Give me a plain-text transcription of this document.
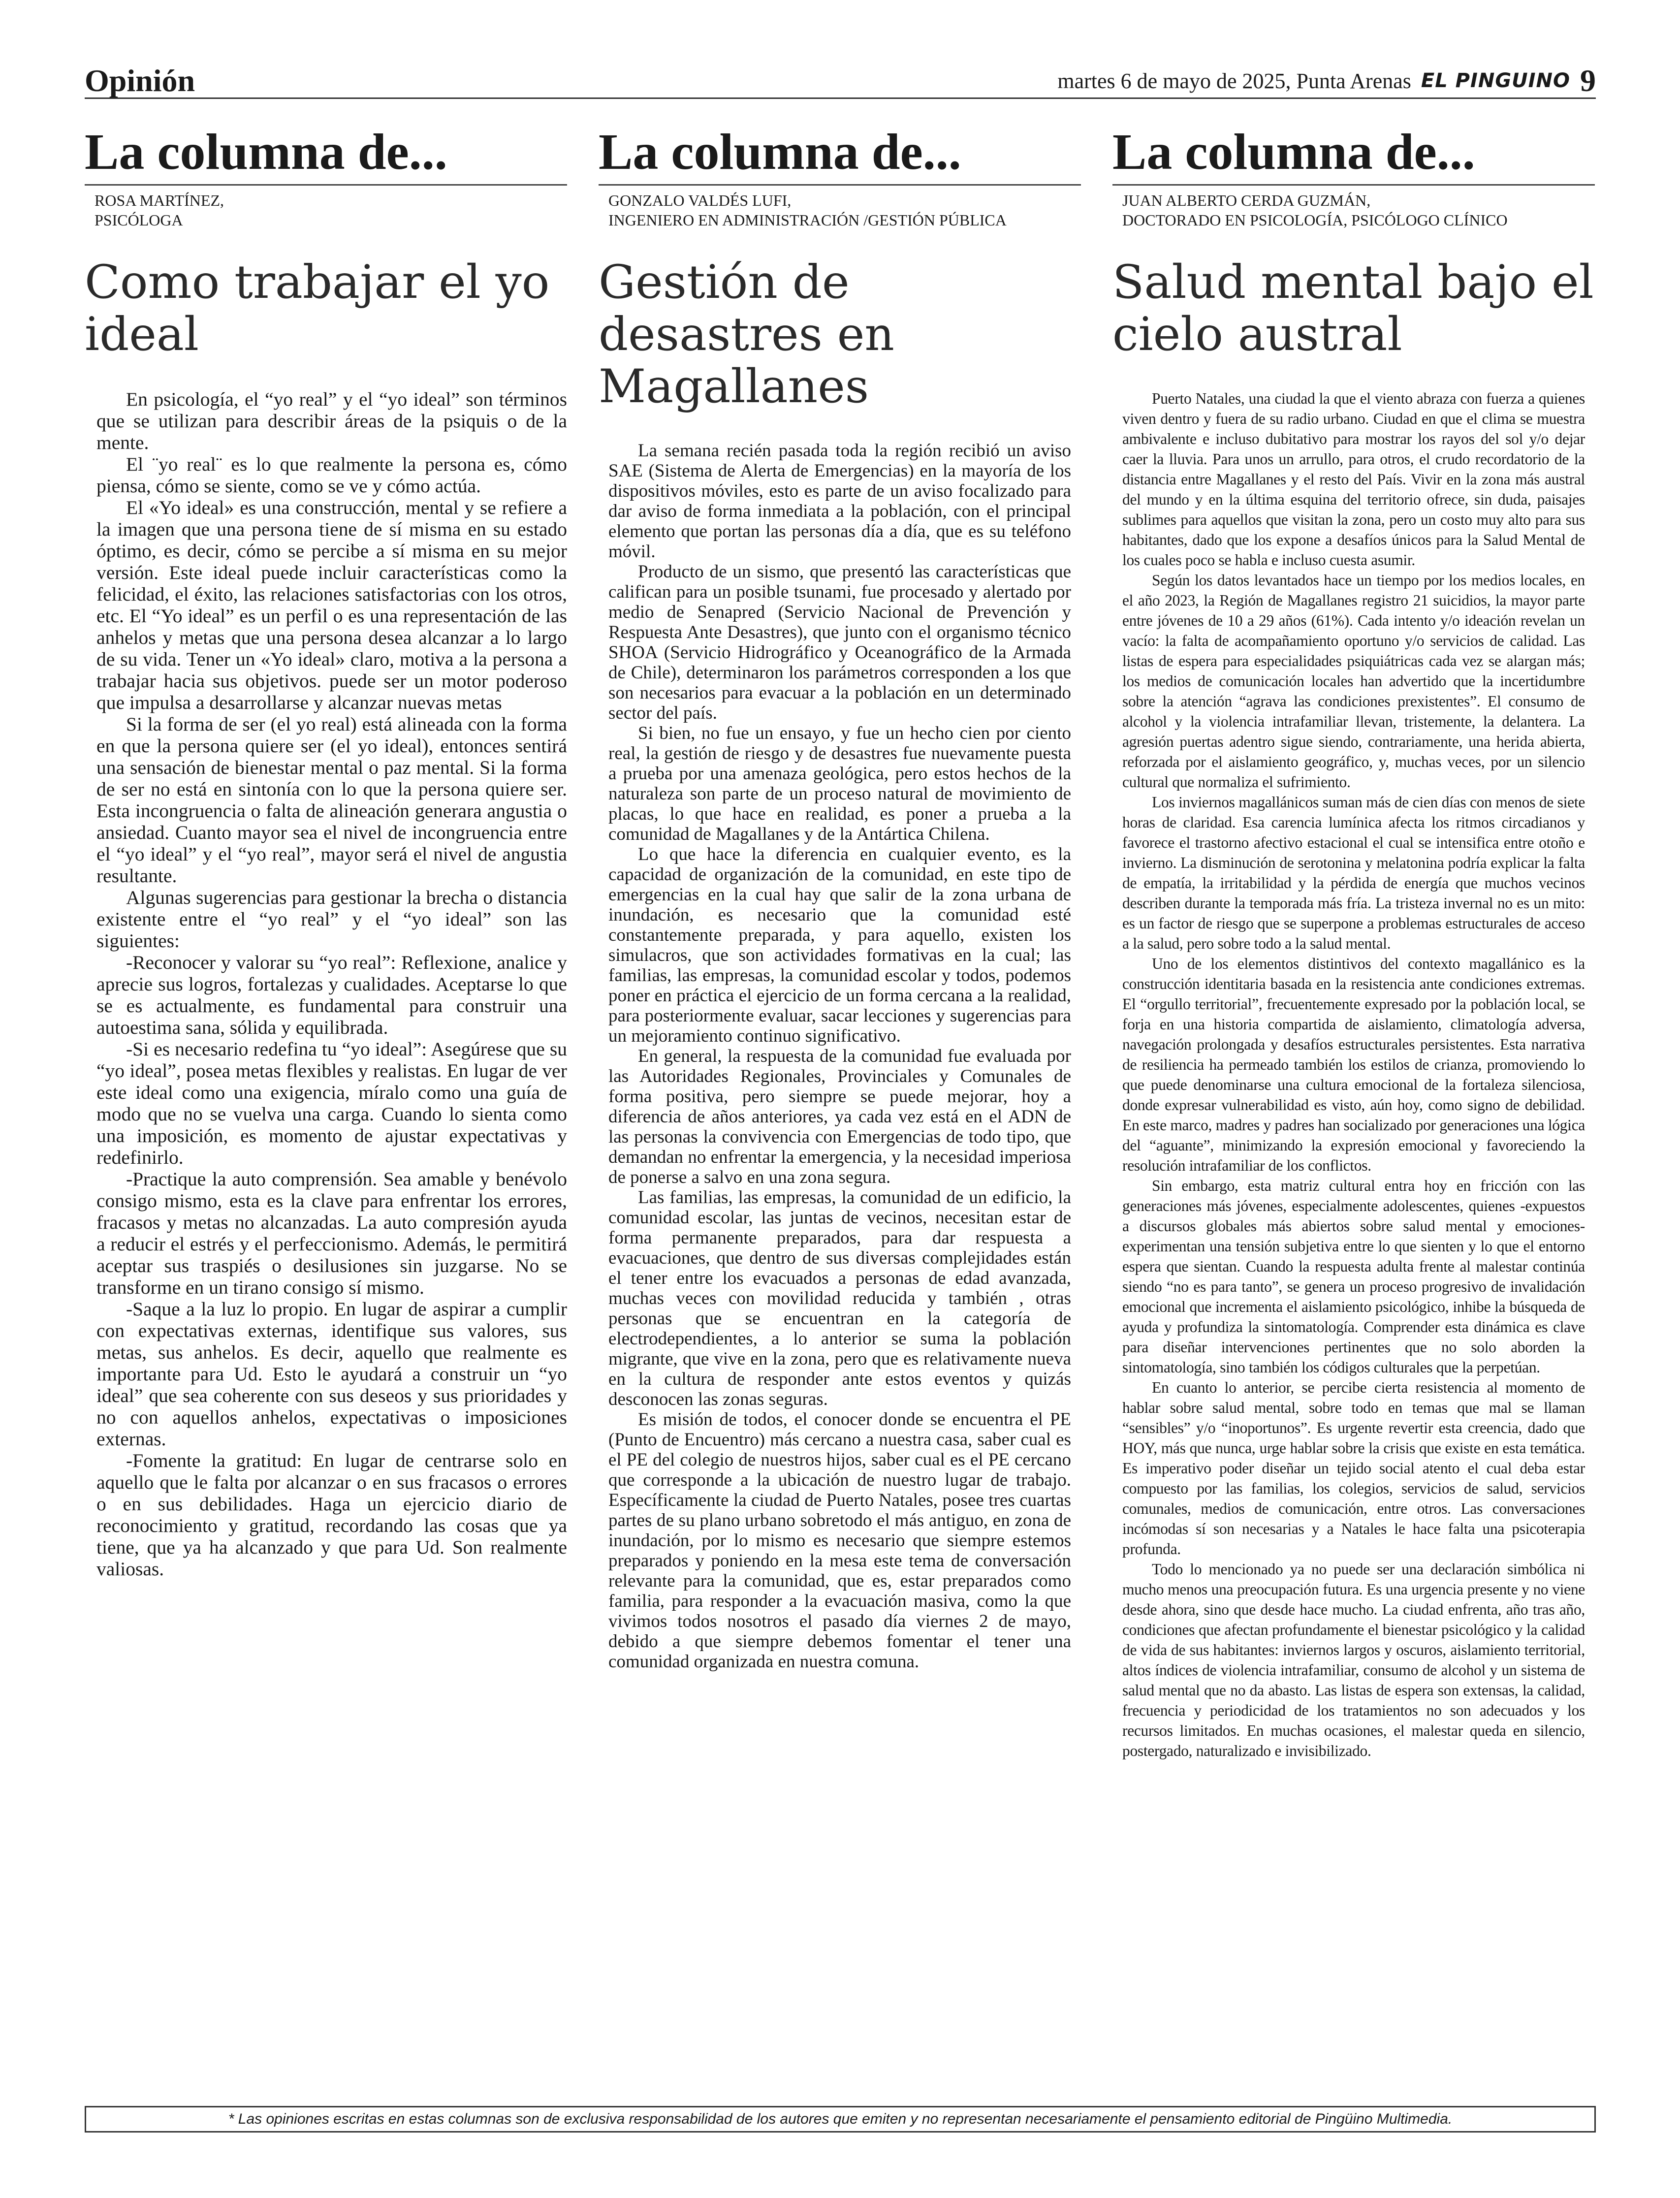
Opinión	martes 6 de mayo de 2025, Punta Arenas EL PINGUINO 9
La columna de...
ROSA MARTÍNEZ,
PSICÓLOGA
Como trabajar el yo ideal

En psicología, el “yo real” y el “yo ideal” son términos que se utilizan para describir áreas de la psiquis o de la mente.

El ¨yo real¨ es lo que realmente la persona es, cómo piensa, cómo se siente, como se ve y cómo actúa.

El «Yo ideal» es una construcción, mental y se refiere a la imagen que una persona tiene de sí misma en su estado óptimo, es decir, cómo se percibe a sí misma en su mejor versión. Este ideal puede incluir características como la felicidad, el éxito, las relaciones satisfactorias con los otros, etc. El “Yo ideal” es un perfil o es una representación de las anhelos y metas que una persona desea alcanzar a lo largo de su vida. Tener un «Yo ideal» claro, motiva a la persona a trabajar hacia sus objetivos. puede ser un motor poderoso que impulsa a desarrollarse y alcanzar nuevas metas

Si la forma de ser (el yo real) está alineada con la forma en que la persona quiere ser (el yo ideal), entonces sentirá una sensación de bienestar mental o paz mental. Si la forma de ser no está en sintonía con lo que la persona quiere ser. Esta incongruencia o falta de alineación generara angustia o ansiedad. Cuanto mayor sea el nivel de incongruencia entre el “yo ideal” y el “yo real”, mayor será el nivel de angustia resultante.

Algunas sugerencias para gestionar la brecha o distancia existente entre el “yo real” y el “yo ideal” son las siguientes:

-Reconocer y valorar su “yo real”: Reflexione, analice y aprecie sus logros, fortalezas y cualidades. Aceptarse lo que se es actualmente, es fundamental para construir una autoestima sana, sólida y equilibrada.

-Si es necesario redefina tu “yo ideal”: Asegúrese que su “yo ideal”, posea metas flexibles y realistas. En lugar de ver este ideal como una exigencia, míralo como una guía de modo que no se vuelva una carga. Cuando lo sienta como una imposición, es momento de ajustar expectativas y redefinirlo.

-Practique la auto comprensión. Sea amable y benévolo consigo mismo, esta es la clave para enfrentar los errores, fracasos y metas no alcanzadas. La auto compresión ayuda a reducir el estrés y el perfeccionismo. Además, le permitirá aceptar sus traspiés o desilusiones sin juzgarse. No se transforme en un tirano consigo sí mismo.

-Saque a la luz lo propio. En lugar de aspirar a cumplir con expectativas externas, identifique sus valores, sus metas, sus anhelos. Es decir, aquello que realmente es importante para Ud. Esto le ayudará a construir un “yo ideal” que sea coherente con sus deseos y sus prioridades y no con aquellos anhelos, expectativas o imposiciones externas.

-Fomente la gratitud: En lugar de centrarse solo en aquello que le falta por alcanzar o en sus fracasos o errores o en sus debilidades. Haga un ejercicio diario de reconocimiento y gratitud, recordando las cosas que ya tiene, que ya ha alcanzado y que para Ud. Son realmente valiosas.

La columna de...
GONZALO VALDÉS LUFI,
INGENIERO EN ADMINISTRACIÓN /GESTIÓN PÚBLICA
Gestión de desastres en Magallanes

La semana recién pasada toda la región recibió un aviso SAE (Sistema de Alerta de Emergencias) en la mayoría de los dispositivos móviles, esto es parte de un aviso focalizado para dar aviso de forma inmediata a la población, con el principal elemento que portan las personas día a día, que es su teléfono móvil.

Producto de un sismo, que presentó las características que califican para un posible tsunami, fue procesado y alertado por medio de Senapred (Servicio Nacional de Prevención y Respuesta Ante Desastres), que junto con el organismo técnico SHOA (Servicio Hidrográfico y Oceanográfico de la Armada de Chile), determinaron los parámetros corresponden a los que son necesarios para evacuar a la población en un determinado sector del país.

Si bien, no fue un ensayo, y fue un hecho cien por ciento real, la gestión de riesgo y de desastres fue nuevamente puesta a prueba por una amenaza geológica, pero estos hechos de la naturaleza son parte de un proceso natural de movimiento de placas, lo que hace en realidad, es poner a prueba a la comunidad de Magallanes y de la Antártica Chilena.

Lo que hace la diferencia en cualquier evento, es la capacidad de organización de la comunidad, en este tipo de emergencias en la cual hay que salir de la zona urbana de inundación, es necesario que la comunidad esté constantemente preparada, y para aquello, existen los simulacros, que son actividades formativas en la cual; las familias, las empresas, la comunidad escolar y todos, podemos poner en práctica el ejercicio de un forma cercana a la realidad, para posteriormente evaluar, sacar lecciones y sugerencias para un mejoramiento continuo significativo.

En general, la respuesta de la comunidad fue evaluada por las Autoridades Regionales, Provinciales y Comunales de forma positiva, pero siempre se puede mejorar, hoy a diferencia de años anteriores, ya cada vez está en el ADN de las personas la convivencia con Emergencias de todo tipo, que demandan no enfrentar la emergencia, y la necesidad imperiosa de ponerse a salvo en una zona segura.

Las familias, las empresas, la comunidad de un edificio, la comunidad escolar, las juntas de vecinos, necesitan estar de forma permanente preparados, para dar respuesta a evacuaciones, que dentro de sus diversas complejidades están el tener entre los evacuados a personas de edad avanzada, muchas veces con movilidad reducida y también , otras personas que se encuentran en la categoría de electrodependientes, a lo anterior se suma la población migrante, que vive en la zona, pero que es relativamente nueva en la cultura de responder ante estos eventos y quizás desconocen las zonas seguras.

Es misión de todos, el conocer donde se encuentra el PE (Punto de Encuentro) más cercano a nuestra casa, saber cual es el PE del colegio de nuestros hijos, saber cual es el PE cercano que corresponde a la ubicación de nuestro lugar de trabajo. Específicamente la ciudad de Puerto Natales, posee tres cuartas partes de su plano urbano sobretodo el más antiguo, en zona de inundación, por lo mismo es necesario que siempre estemos preparados y poniendo en la mesa este tema de conversación relevante para la comunidad, que es, estar preparados como familia, para responder a la evacuación masiva, como la que vivimos todos nosotros el pasado día viernes 2 de mayo, debido a que siempre debemos fomentar el tener una comunidad organizada en nuestra comuna.

La columna de...
JUAN ALBERTO CERDA GUZMÁN,
DOCTORADO EN PSICOLOGÍA, PSICÓLOGO CLÍNICO
Salud mental bajo el cielo austral

Puerto Natales, una ciudad la que el viento abraza con fuerza a quienes viven dentro y fuera de su radio urbano. Ciudad en que el clima se muestra ambivalente e incluso dubitativo para mostrar los rayos del sol y/o dejar caer la lluvia. Para unos un arrullo, para otros, el crudo recordatorio de la distancia entre Magallanes y el resto del País. Vivir en la zona más austral del mundo y en la última esquina del territorio ofrece, sin duda, paisajes sublimes para aquellos que visitan la zona, pero un costo muy alto para sus habitantes, dado que los expone a desafíos únicos para la Salud Mental de los cuales poco se habla e incluso cuesta asumir.

Según los datos levantados hace un tiempo por los medios locales, en el año 2023, la Región de Magallanes registro 21 suicidios, la mayor parte entre jóvenes de 10 a 29 años (61%). Cada intento y/o ideación revelan un vacío: la falta de acompañamiento oportuno y/o servicios de calidad. Las listas de espera para especialidades psiquiátricas cada vez se alargan más; los medios de comunicación locales han advertido que la incertidumbre sobre la atención “agrava las condiciones prexistentes”. El consumo de alcohol y la violencia intrafamiliar llevan, tristemente, la delantera. La agresión puertas adentro sigue siendo, contrariamente, una herida abierta, reforzada por el aislamiento geográfico, y, muchas veces, por un silencio cultural que normaliza el sufrimiento.

Los inviernos magallánicos suman más de cien días con menos de siete horas de claridad. Esa carencia lumínica afecta los ritmos circadianos y favorece el trastorno afectivo estacional el cual se intensifica entre otoño e invierno. La disminución de serotonina y melatonina podría explicar la falta de empatía, la irritabilidad y la pérdida de energía que muchos vecinos describen durante la temporada más fría. La tristeza invernal no es un mito: es un factor de riesgo que se superpone a problemas estructurales de acceso a la salud, pero sobre todo a la salud mental.

Uno de los elementos distintivos del contexto magallánico es la construcción identitaria basada en la resistencia ante condiciones extremas. El “orgullo territorial”, frecuentemente expresado por la población local, se forja en una historia compartida de aislamiento, climatología adversa, navegación prolongada y desafíos estructurales persistentes. Esta narrativa de resiliencia ha permeado también los estilos de crianza, promoviendo lo que puede denominarse una cultura emocional de la fortaleza silenciosa, donde expresar vulnerabilidad es visto, aún hoy, como signo de debilidad. En este marco, madres y padres han socializado por generaciones una lógica del “aguante”, minimizando la expresión emocional y favoreciendo la resolución intrafamiliar de los conflictos.

Sin embargo, esta matriz cultural entra hoy en fricción con las generaciones más jóvenes, especialmente adolescentes, quienes -expuestos a discursos globales más abiertos sobre salud mental y emociones- experimentan una tensión subjetiva entre lo que sienten y lo que el entorno espera que sientan. Cuando la respuesta adulta frente al malestar continúa siendo “no es para tanto”, se genera un proceso progresivo de invalidación emocional que incrementa el aislamiento psicológico, inhibe la búsqueda de ayuda y profundiza la sintomatología. Comprender esta dinámica es clave para diseñar intervenciones pertinentes que no solo aborden la sintomatología, sino también los códigos culturales que la perpetúan.

En cuanto lo anterior, se percibe cierta resistencia al momento de hablar sobre salud mental, sobre todo en temas que mal se llaman “sensibles” y/o “inoportunos”. Es urgente revertir esta creencia, dado que HOY, más que nunca, urge hablar sobre la crisis que existe en esta temática. Es imperativo poder diseñar un tejido social atento el cual deba estar compuesto por las familias, los colegios, servicios de salud, servicios comunales, medios de comunicación, entre otros. Las conversaciones incómodas sí son necesarias y a Natales le hace falta una psicoterapia profunda.

Todo lo mencionado ya no puede ser una declaración simbólica ni mucho menos una preocupación futura. Es una urgencia presente y no viene desde ahora, sino que desde hace mucho. La ciudad enfrenta, año tras año, condiciones que afectan profundamente el bienestar psicológico y la calidad de vida de sus habitantes: inviernos largos y oscuros, aislamiento territorial, altos índices de violencia intrafamiliar, consumo de alcohol y un sistema de salud mental que no da abasto. Las listas de espera son extensas, la calidad, frecuencia y periodicidad de los tratamientos no son adecuados y los recursos limitados. En muchas ocasiones, el malestar queda en silencio, postergado, naturalizado e invisibilizado.

* Las opiniones escritas en estas columnas son de exclusiva responsabilidad de los autores que emiten y no representan necesariamente el pensamiento editorial de Pingüino Multimedia.
